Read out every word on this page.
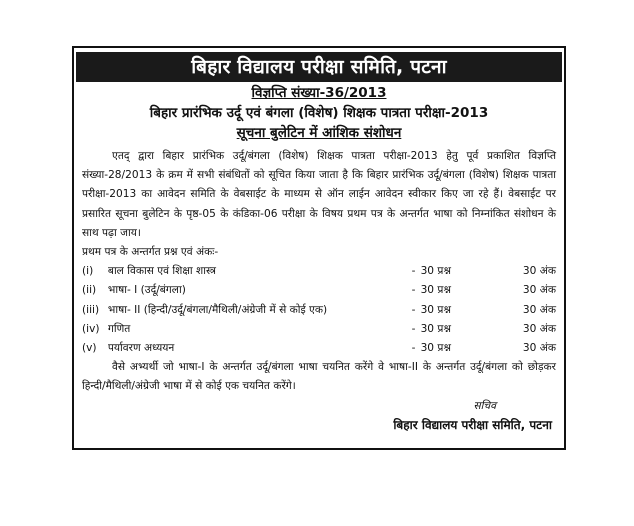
बिहार विद्यालय परीक्षा समिति, पटना
विज्ञप्ति संख्या-36/2013
बिहार प्रारंभिक उर्दू एवं बंगला (विशेष) शिक्षक पात्रता परीक्षा-2013
सूचना बुलेटिन में आंशिक संशोधन
एतद् द्वारा बिहार प्रारंभिक उर्दू/बंगला (विशेष) शिक्षक पात्रता परीक्षा-2013 हेतु पूर्व प्रकाशित विज्ञप्ति संख्या-28/2013 के क्रम में सभी संबंधितों को सूचित किया जाता है कि बिहार प्रारंभिक उर्दू/बंगला (विशेष) शिक्षक पात्रता परीक्षा-2013 का आवेदन समिति के वेबसाईट के माध्यम से ऑन लाईन आवेदन स्वीकार किए जा रहे हैं। वेबसाईट पर प्रसारित सूचना बुलेटिन के पृष्ठ-05 के कंडिका-06 परीक्षा के विषय प्रथम पत्र के अन्तर्गत भाषा को निम्नांकित संशोधन के साथ पढ़ा जाय।
प्रथम पत्र के अन्तर्गत प्रश्न एवं अंकः-
(i)	बाल विकास एवं शिक्षा शास्त्र	- 30 प्रश्न	30 अंक
(ii)	भाषा- I (उर्दू/बंगला)	- 30 प्रश्न	30 अंक
(iii) भाषा- II (हिन्दी/उर्दू/बंगला/मैथिली/अंग्रेजी में से कोई एक)	- 30 प्रश्न	30 अंक
(iv) गणित	- 30 प्रश्न	30 अंक
(v)	पर्यावरण अध्ययन	- 30 प्रश्न	30 अंक
वैसे अभ्यर्थी जो भाषा-I के अन्तर्गत उर्दू/बंगला भाषा चयनित करेंगे वे भाषा-II के अन्तर्गत उर्दू/बंगला को छोड़कर हिन्दी/मैथिली/अंग्रेजी भाषा में से कोई एक चयनित करेंगे।
सचिव
बिहार विद्यालय परीक्षा समिति, पटना
